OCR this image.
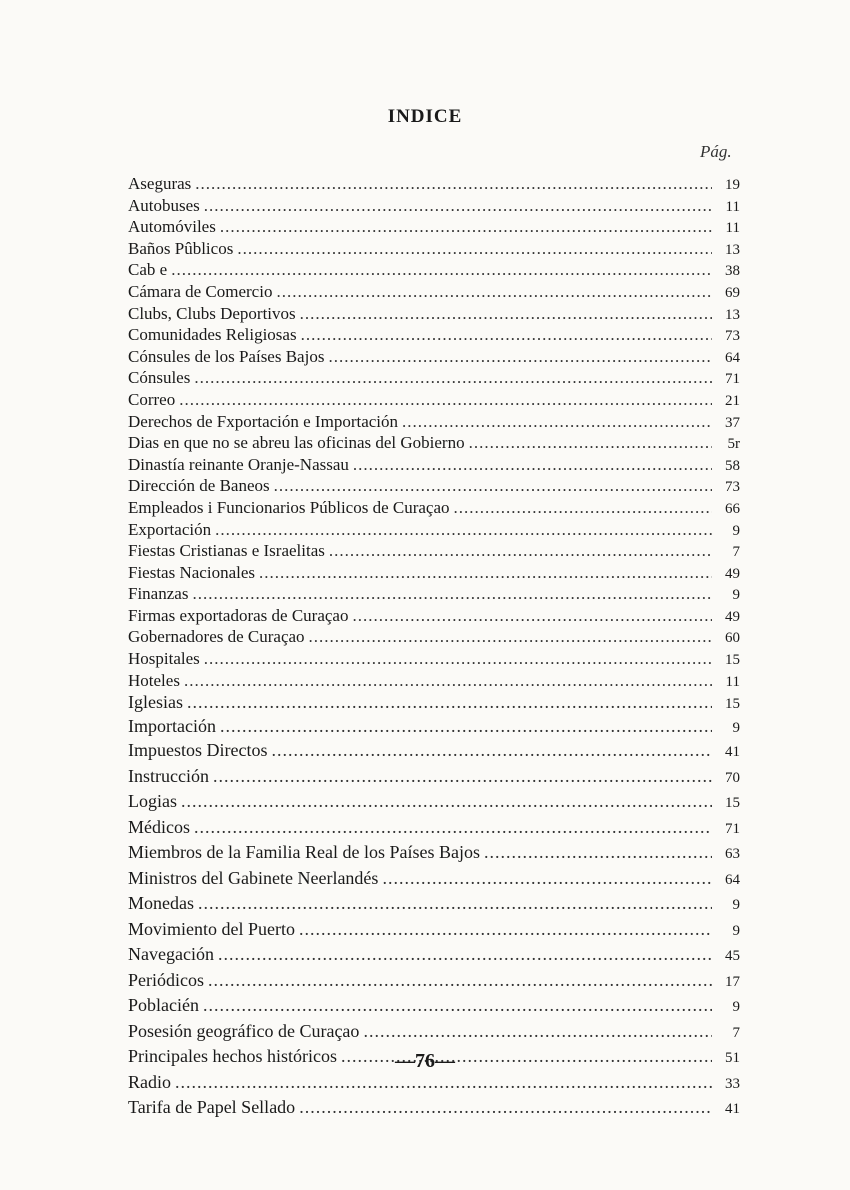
INDICE
Pág.
Aseguras .....	19
Autobuses .....	11
Automóviles .....	11
Baños Pûblicos .....	13
Cab e .....	38
Cámara de Comercio .....	69
Clubs, Clubs Deportivos .....	13
Comunidades Religiosas .....	73
Cónsules de los Países Bajos .....	64
Cónsules .....	71
Correo .....	21
Derechos de Fxportación e Importación .....	37
Dias en que no se abreu las oficinas del Gobierno .....	5r
Dinastía reinante Oranje-Nassau .....	58
Dirección de Baneos .....	73
Empleados i Funcionarios Públicos de Curaçao .....	66
Exportación .....	9
Fiestas Cristianas e Israelitas .....	7
Fiestas Nacionales .....	49
Finanzas .....	9
Firmas exportadoras de Curaçao .....	49
Gobernadores de Curaçao .....	60
Hospitales .....	15
Hoteles .....	11
Iglesias .....	15
Importación .....	9
Impuestos Directos .....	41
Instrucción .....	70
Logias .....	15
Médicos .....	71
Miembros de la Familia Real de los Países Bajos .....	63
Ministros del Gabinete Neerlandés .....	64
Monedas .....	9
Movimiento del Puerto .....	9
Navegación .....	45
Periódicos .....	17
Poblacién .....	9
Posesión geográfico de Curaçao .....	7
Principales hechos históricos .....	51
Radio .....	33
Tarifa de Papel Sellado .....	41
—76—
